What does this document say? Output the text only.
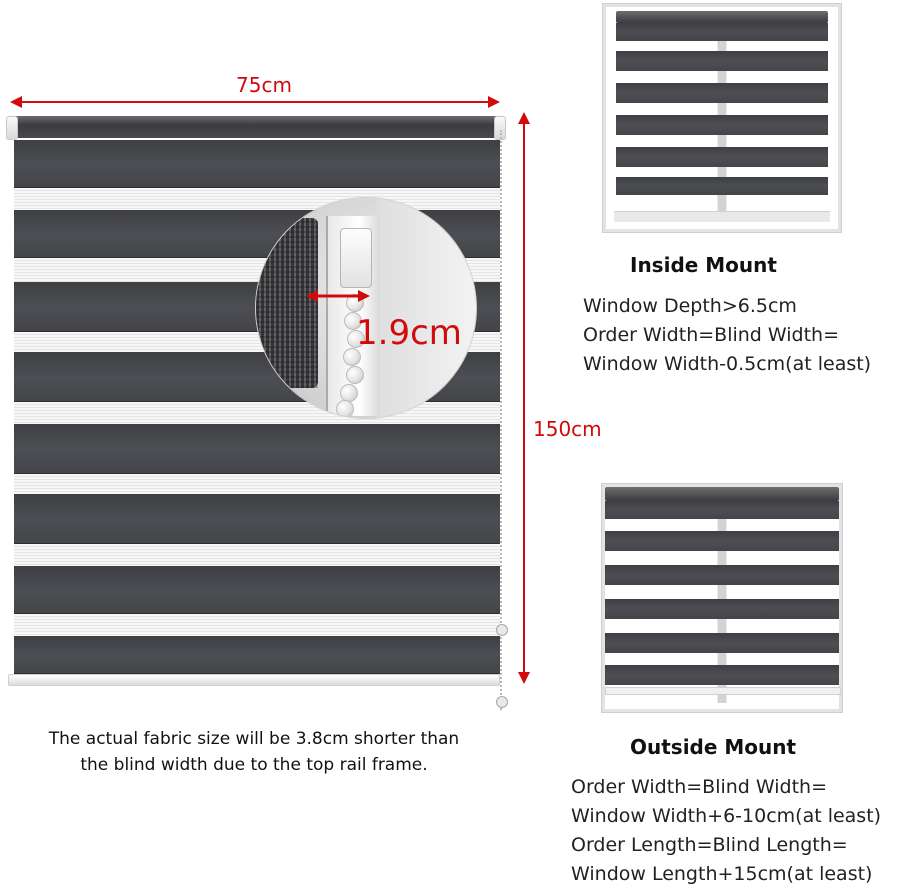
75cm
150cm
1.9cm
The actual fabric size will be 3.8cm shorter than
the blind width due to the top rail frame.
Inside Mount
Window Depth>6.5cm
Order Width=Blind Width=
Window Width-0.5cm(at least)
Outside Mount
Order Width=Blind Width=
Window Width+6-10cm(at least)
Order Length=Blind Length=
Window Length+15cm(at least)
